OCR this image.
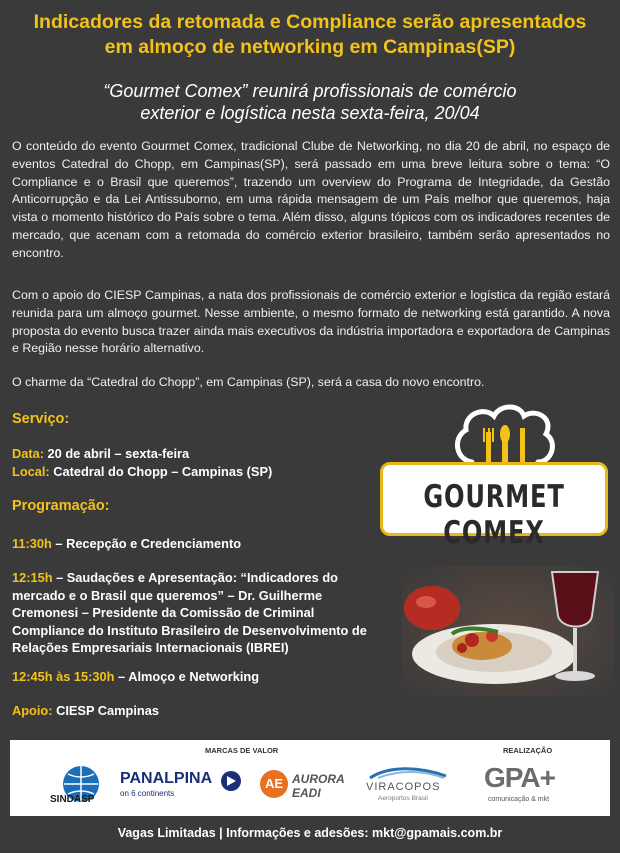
Indicadores da retomada e Compliance serão apresentados
em almoço de networking em Campinas(SP)
“Gourmet Comex” reunirá profissionais de comércio
exterior e logística nesta sexta-feira, 20/04

O conteúdo do evento Gourmet Comex, tradicional Clube de Networking, no dia 20 de abril, no espaço de eventos Catedral do Chopp, em Campinas(SP), será passado em uma breve leitura sobre o tema: “O Compliance e o Brasil que queremos”, trazendo um overview do Programa de Integridade, da Gestão Anticorrupção e da Lei Antissuborno, em uma rápida mensagem de um País melhor que queremos, haja vista o momento histórico do País sobre o tema. Além disso, alguns tópicos com os indicadores recentes de mercado, que acenam com a retomada do comércio exterior brasileiro, também serão apresentados no encontro.

Com o apoio do CIESP Campinas, a nata dos profissionais de comércio exterior e logística da região estará reunida para um almoço gourmet. Nesse ambiente, o mesmo formato de networking está garantido. A nova proposta do evento busca trazer ainda mais executivos da indústria importadora e exportadora de Campinas e Região nesse horário alternativo.

O charme da “Catedral do Chopp”, em Campinas (SP), será a casa do novo encontro.

Serviço:
Data: 20 de abril – sexta-feira
Local: Catedral do Chopp – Campinas (SP)
Programação:
11:30h – Recepção e Credenciamento
12:15h – Saudações e Apresentação: “Indicadores do mercado e o Brasil que queremos” – Dr. Guilherme Cremonesi – Presidente da Comissão de Criminal Compliance do Instituto Brasileiro de Desenvolvimento de Relações Empresariais Internacionais (IBREI)
12:45h às 15:30h – Almoço e Networking
Apoio: CIESP Campinas
GOURMET COMEX
MARCAS DE VALOR	REALIZAÇÃO
SINDASP
PANALPINA
on 6 continents
AE AURORA
EADI	VIRACOPOS
Aeroportos Brasil
GPA+
comunicação & mkt
Vagas Limitadas | Informações e adesões: mkt@gpamais.com.br
